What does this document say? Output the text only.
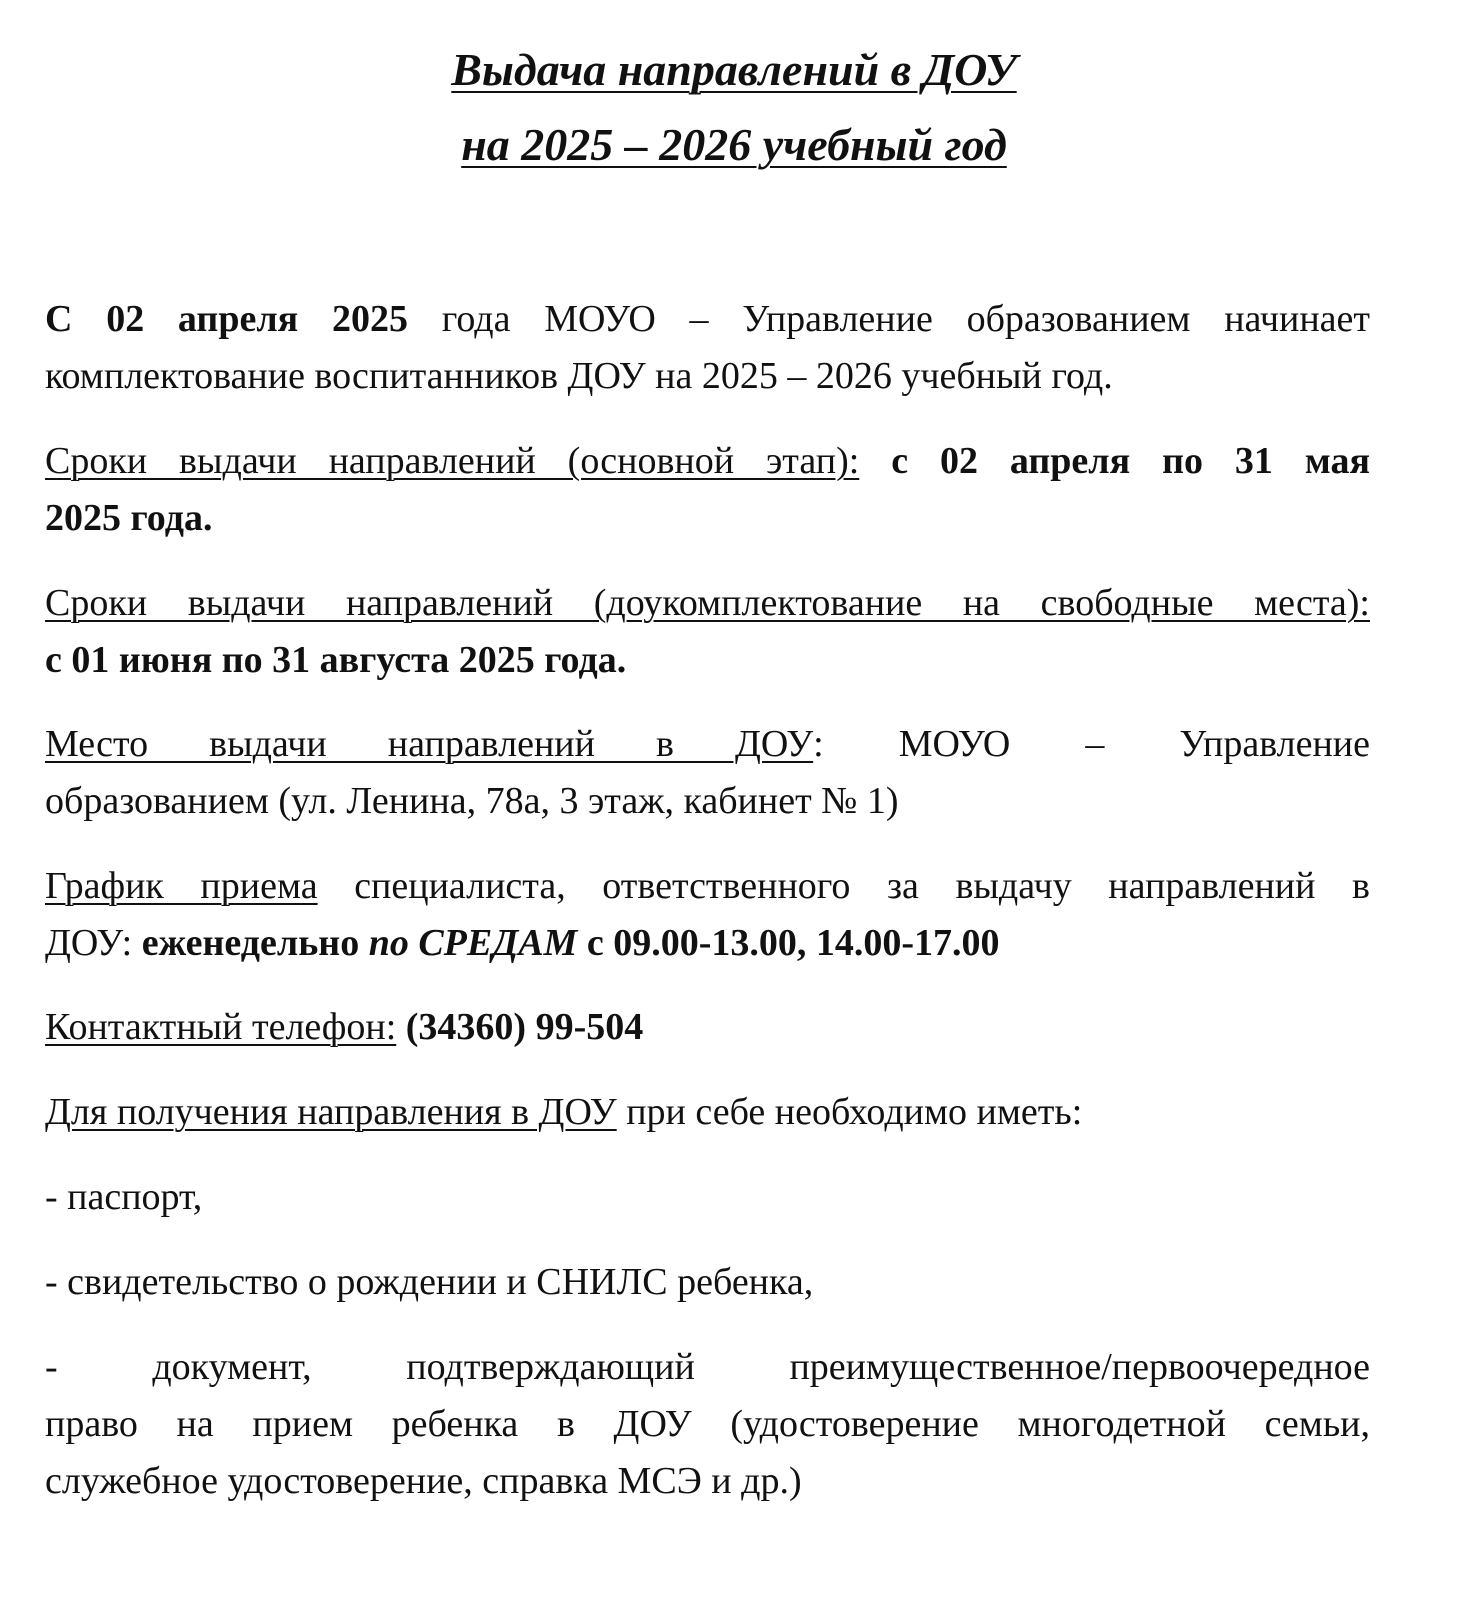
Выдача направлений в ДОУ
на 2025 – 2026 учебный год
С 02 апреля 2025 года МОУО – Управление образованием начинает
комплектование воспитанников ДОУ на 2025 – 2026 учебный год.
Сроки выдачи направлений (основной этап): с 02 апреля по 31 мая
2025 года.
Сроки выдачи направлений (доукомплектование на свободные места):
с 01 июня по 31 августа 2025 года.
Место выдачи направлений в ДОУ: МОУО – Управление
образованием (ул. Ленина, 78а, 3 этаж, кабинет № 1)
График приема специалиста, ответственного за выдачу направлений в
ДОУ: еженедельно по СРЕДАМ с 09.00-13.00, 14.00-17.00
Контактный телефон: (34360) 99-504
Для получения направления в ДОУ при себе необходимо иметь:
- паспорт,
- свидетельство о рождении и СНИЛС ребенка,
- документ, подтверждающий преимущественное/первоочередное
право на прием ребенка в ДОУ (удостоверение многодетной семьи,
служебное удостоверение, справка МСЭ и др.)
